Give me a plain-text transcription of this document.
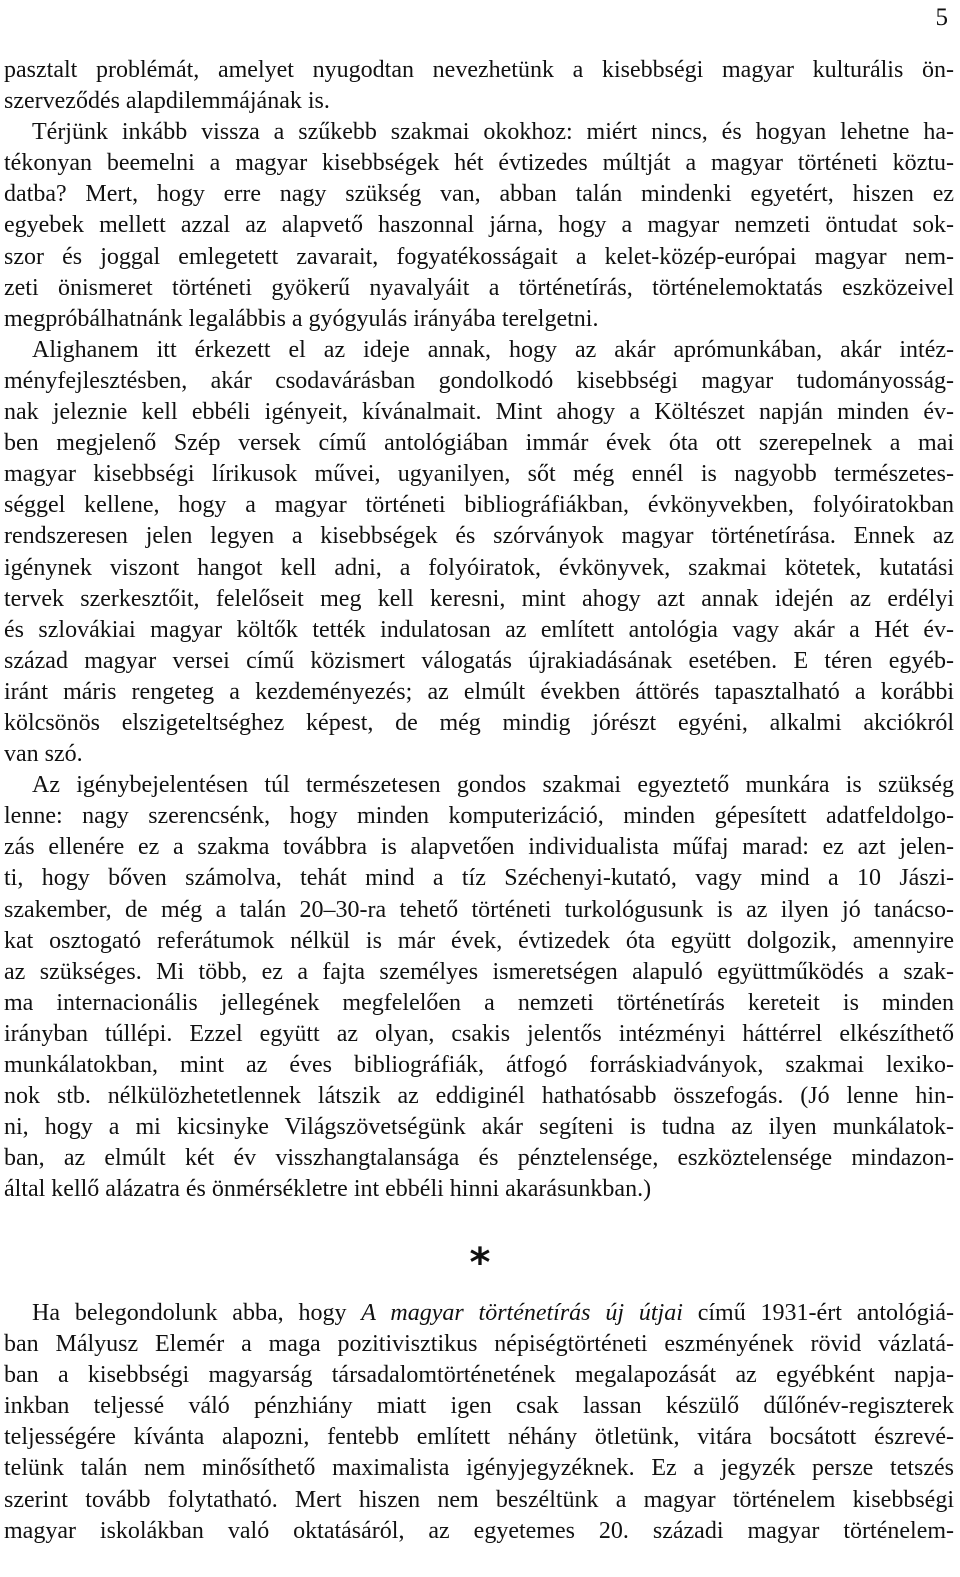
5
pasztalt problémát, amelyet nyugodtan nevezhetünk a kisebbségi magyar kulturális ön-
szerveződés alapdilemmájának is.
Térjünk inkább vissza a szűkebb szakmai okokhoz: miért nincs, és hogyan lehetne ha-
tékonyan beemelni a magyar kisebbségek hét évtizedes múltját a magyar történeti köztu-
datba? Mert, hogy erre nagy szükség van, abban talán mindenki egyetért, hiszen ez
egyebek mellett azzal az alapvető haszonnal járna, hogy a magyar nemzeti öntudat sok-
szor és joggal emlegetett zavarait, fogyatékosságait a kelet-közép-európai magyar nem-
zeti önismeret történeti gyökerű nyavalyáit a történetírás, történelemoktatás eszközeivel
megpróbálhatnánk legalábbis a gyógyulás irányába terelgetni.
Alighanem itt érkezett el az ideje annak, hogy az akár aprómunkában, akár intéz-
ményfejlesztésben, akár csodavárásban gondolkodó kisebbségi magyar tudományosság-
nak jeleznie kell ebbéli igényeit, kívánalmait. Mint ahogy a Költészet napján minden év-
ben megjelenő Szép versek című antológiában immár évek óta ott szerepelnek a mai
magyar kisebbségi lírikusok művei, ugyanilyen, sőt még ennél is nagyobb természetes-
séggel kellene, hogy a magyar történeti bibliográfiákban, évkönyvekben, folyóiratokban
rendszeresen jelen legyen a kisebbségek és szórványok magyar történetírása. Ennek az
igénynek viszont hangot kell adni, a folyóiratok, évkönyvek, szakmai kötetek, kutatási
tervek szerkesztőit, felelőseit meg kell keresni, mint ahogy azt annak idején az erdélyi
és szlovákiai magyar költők tették indulatosan az említett antológia vagy akár a Hét év-
század magyar versei című közismert válogatás újrakiadásának esetében. E téren egyéb-
iránt máris rengeteg a kezdeményezés; az elmúlt években áttörés tapasztalható a korábbi
kölcsönös elszigeteltséghez képest, de még mindig jórészt egyéni, alkalmi akciókról
van szó.
Az igénybejelentésen túl természetesen gondos szakmai egyeztető munkára is szükség
lenne: nagy szerencsénk, hogy minden komputerizáció, minden gépesített adatfeldolgo-
zás ellenére ez a szakma továbbra is alapvetően individualista műfaj marad: ez azt jelen-
ti, hogy bőven számolva, tehát mind a tíz Széchenyi-kutató, vagy mind a 10 Jászi-
szakember, de még a talán 20–30-ra tehető történeti turkológusunk is az ilyen jó tanácso-
kat osztogató referátumok nélkül is már évek, évtizedek óta együtt dolgozik, amennyire
az szükséges. Mi több, ez a fajta személyes ismeretségen alapuló együttműködés a szak-
ma internacionális jellegének megfelelően a nemzeti történetírás kereteit is minden
irányban túllépi. Ezzel együtt az olyan, csakis jelentős intézményi háttérrel elkészíthető
munkálatokban, mint az éves bibliográfiák, átfogó forráskiadványok, szakmai lexiko-
nok stb. nélkülözhetetlennek látszik az eddiginél hathatósabb összefogás. (Jó lenne hin-
ni, hogy a mi kicsinyke Világszövetségünk akár segíteni is tudna az ilyen munkálatok-
ban, az elmúlt két év visszhangtalansága és pénztelensége, eszköztelensége mindazon-
által kellő alázatra és önmérsékletre int ebbéli hinni akarásunkban.)
*
Ha belegondolunk abba, hogy A magyar történetírás új útjai című 1931-ért antológiá-
ban Mályusz Elemér a maga pozitivisztikus népiségtörténeti eszményének rövid vázlatá-
ban a kisebbségi magyarság társadalomtörténetének megalapozását az egyébként napja-
inkban teljessé váló pénzhiány miatt igen csak lassan készülő dűlőnév-regiszterek
teljességére kívánta alapozni, fentebb említett néhány ötletünk, vitára bocsátott észrevé-
telünk talán nem minősíthető maximalista igényjegyzéknek. Ez a jegyzék persze tetszés
szerint tovább folytatható. Mert hiszen nem beszéltünk a magyar történelem kisebbségi
magyar iskolákban való oktatásáról, az egyetemes 20. századi magyar történelem-
